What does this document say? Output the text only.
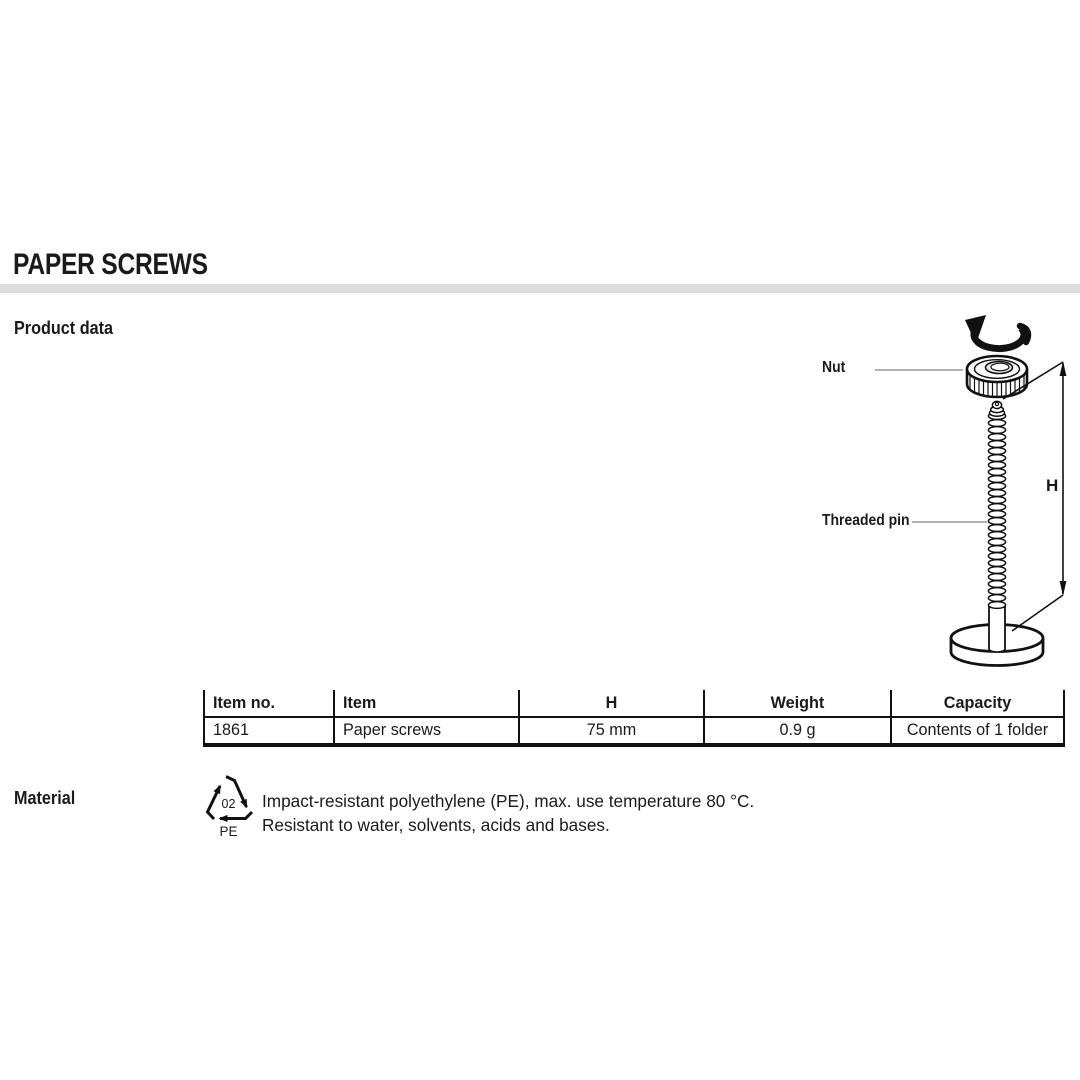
PAPER SCREWS
Product data
Nut
Threaded pin
H
Item no.	Item	H	Weight	Capacity
1861	Paper screws	75 mm	0.9 g	Contents of 1 folder
Material	02
PE
Impact-resistant polyethylene (PE), max. use temperature 80 °C.
Resistant to water, solvents, acids and bases.
